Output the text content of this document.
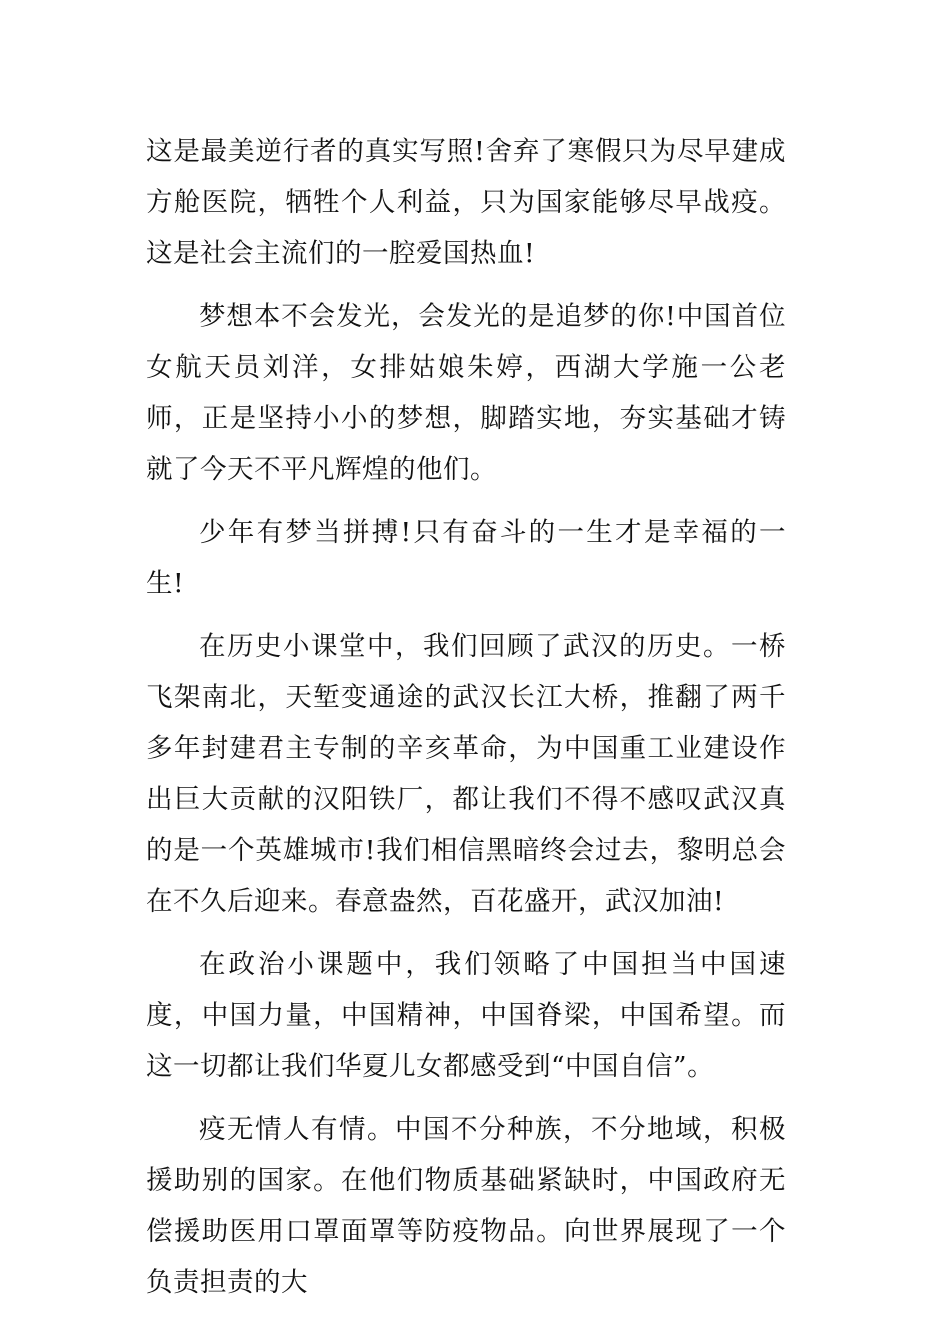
这是最美逆行者的真实写照!舍弃了寒假只为尽早建成方舱医院，牺牲个人利益，只为国家能够尽早战疫。这是社会主流们的一腔爱国热血!

梦想本不会发光，会发光的是追梦的你!中国首位女航天员刘洋，女排姑娘朱婷，西湖大学施一公老师，正是坚持小小的梦想，脚踏实地，夯实基础才铸就了今天不平凡辉煌的他们。

少年有梦当拼搏!只有奋斗的一生才是幸福的一生!

在历史小课堂中，我们回顾了武汉的历史。一桥飞架南北，天堑变通途的武汉长江大桥，推翻了两千多年封建君主专制的辛亥革命，为中国重工业建设作出巨大贡献的汉阳铁厂，都让我们不得不感叹武汉真的是一个英雄城市!我们相信黑暗终会过去，黎明总会在不久后迎来。春意盎然，百花盛开，武汉加油!

在政治小课题中，我们领略了中国担当中国速度，中国力量，中国精神，中国脊梁，中国希望。而这一切都让我们华夏儿女都感受到“中国自信”。

疫无情人有情。中国不分种族，不分地域，积极援助别的国家。在他们物质基础紧缺时，中国政府无偿援助医用口罩面罩等防疫物品。向世界展现了一个负责担责的大
